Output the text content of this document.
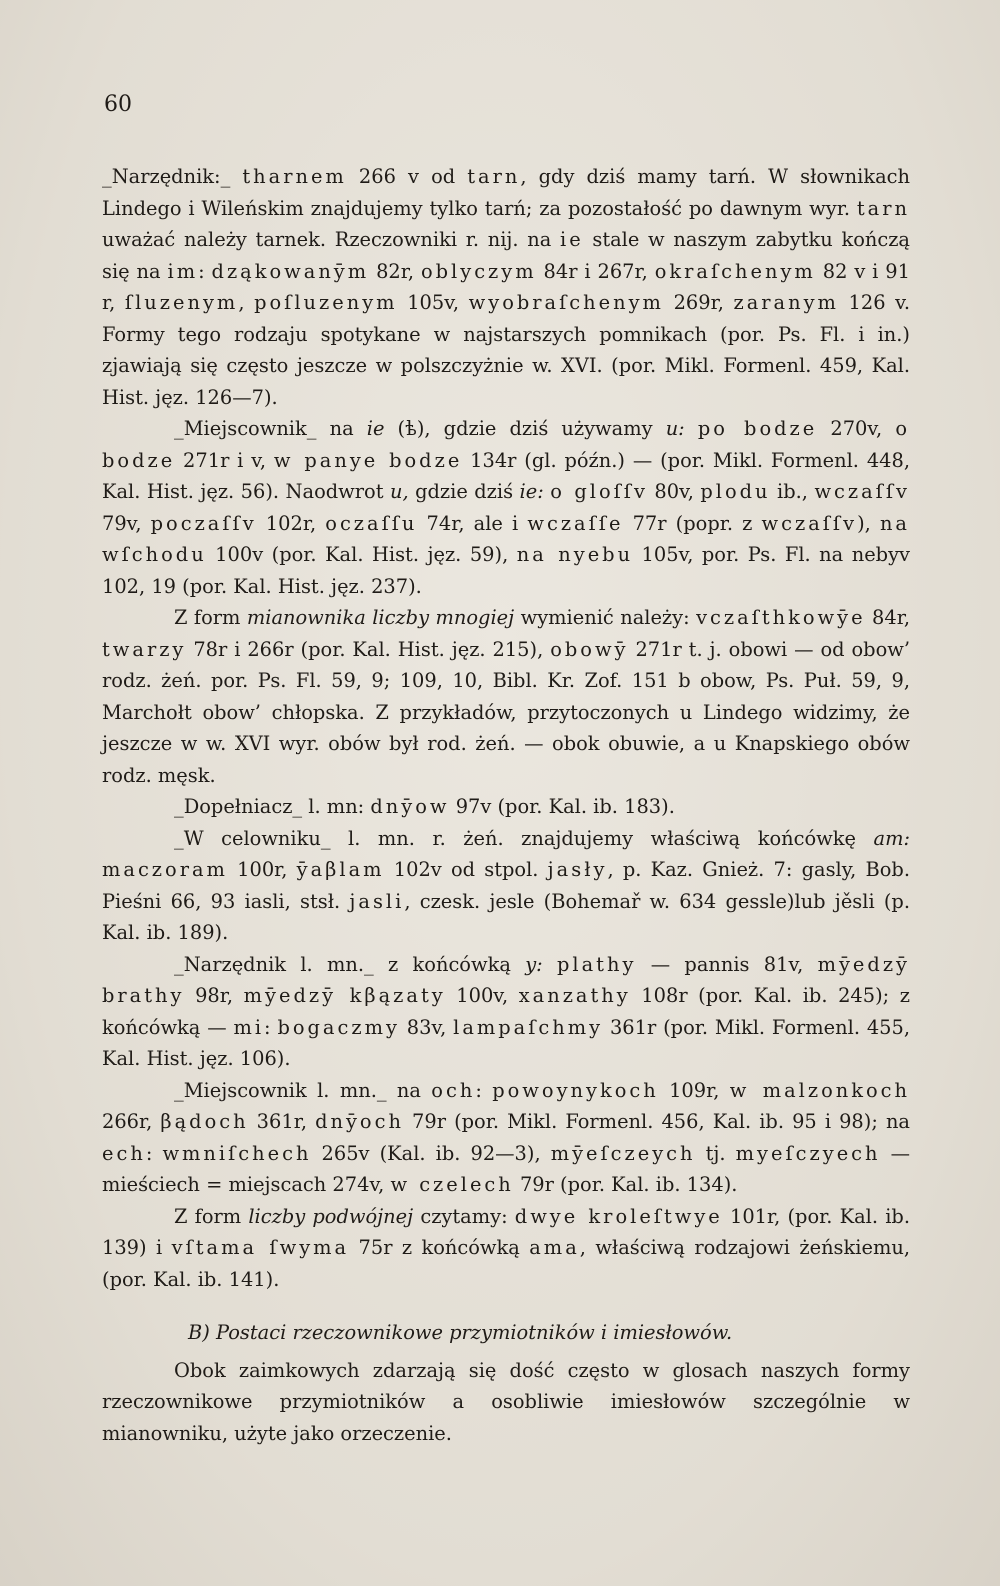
60

_Narzędnik:_ tharnem 266 v od tarn, gdy dziś mamy tarń. W słownikach Lindego i Wileńskim znajdujemy tylko tarń; za pozostałość po dawnym wyr. tarn uważać należy tarnek. Rzeczowniki r. nij. na ie stale w naszym zabytku kończą się na im: dząkowanȳm 82r, oblyczym 84r i 267r, okraſchenym 82 v i 91 r, ſluzenym, poſluzenym 105v, wyobraſchenym 269r, zaranym 126 v. Formy tego rodzaju spotykane w najstarszych pomnikach (por. Ps. Fl. i in.) zjawiają się często jeszcze w polszczyżnie w. XVI. (por. Mikl. Formenl. 459, Kal. Hist. jęz. 126—7).

_Miejscownik_ na ie (ѣ), gdzie dziś używamy u: po bodze 270v, o bodze 271r i v, w panye bodze 134r (gl. późn.) — (por. Mikl. Formenl. 448, Kal. Hist. jęz. 56). Naodwrot u, gdzie dziś ie: o gloſſv 80v, plodu ib., wczaſſv 79v, poczaſſv 102r, oczaſſu 74r, ale i wczaſſe 77r (popr. z wczaſſv), na wſchodu 100v (por. Kal. Hist. jęz. 59), na nyebu 105v, por. Ps. Fl. na nebyv 102, 19 (por. Kal. Hist. jęz. 237).

Z form mianownika liczby mnogiej wymienić należy: vczaſthkowȳe 84r, twarzy 78r i 266r (por. Kal. Hist. jęz. 215), obowȳ 271r t. j. obowi — od obow’ rodz. żeń. por. Ps. Fl. 59, 9; 109, 10, Bibl. Kr. Zof. 151 b obow, Ps. Puł. 59, 9, Marchołt obow’ chłopska. Z przykładów, przytoczonych u Lindego widzimy, że jeszcze w w. XVI wyr. obów był rod. żeń. — obok obuwie, a u Knapskiego obów rodz. męsk.

_Dopełniacz_ l. mn: dnȳow 97v (por. Kal. ib. 183).

_W celowniku_ l. mn. r. żeń. znajdujemy właściwą końcówkę am: maczoram 100r, ȳaβlam 102v od stpol. jasły, p. Kaz. Gnież. 7: gasly, Bob. Pieśni 66, 93 iasli, stsł. jasli, czesk. jesle (Bohemař w. 634 gessle)lub jěsli (p. Kal. ib. 189).

_Narzędnik l. mn._ z końcówką y: plathy — pannis 81v, mȳedzȳ brathy 98r, mȳedzȳ kβązaty 100v, xanzathy 108r (por. Kal. ib. 245); z końcówką — mi: bogaczmy 83v, lampaſchmy 361r (por. Mikl. Formenl. 455, Kal. Hist. jęz. 106).

_Miejscownik l. mn._ na och: powoynykoch 109r, w malzonkoch 266r, βądoch 361r, dnȳoch 79r (por. Mikl. Formenl. 456, Kal. ib. 95 i 98); na ech: wmniſchech 265v (Kal. ib. 92—3), mȳeſczeych tj. myeſczyech — mieściech = miejscach 274v, w czelech 79r (por. Kal. ib. 134).

Z form liczby podwójnej czytamy: dwye kroleſtwye 101r, (por. Kal. ib. 139) i vſtama ſwyma 75r z końcówką ama, właściwą rodzajowi żeńskiemu, (por. Kal. ib. 141).

B) Postaci rzeczownikowe przymiotników i imiesłowów.

Obok zaimkowych zdarzają się dość często w glosach naszych formy rzeczownikowe przymiotników a osobliwie imiesłowów szczególnie w mianowniku, użyte jako orzeczenie.
